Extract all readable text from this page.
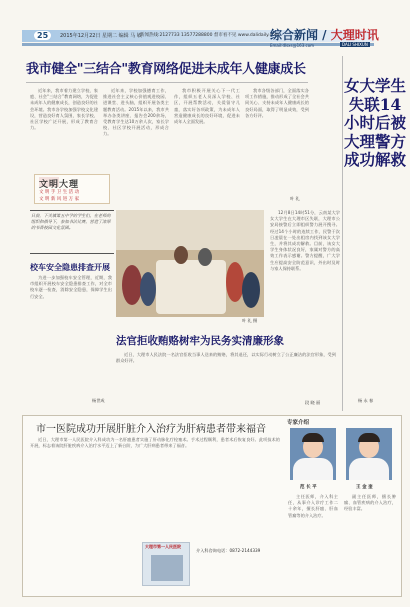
25	2015年12月22日 星期二 编辑 马 敏
新闻热线:2127733 13577288800 督市看不见 www.dalidaily.com
综合新闻 / 大理时讯
Email:dlsxs@163.com	DALI SHIXUN
我市健全"三结合"教育网络促进未成年人健康成长

近年来，我市着力建立学校、家庭、社会“三结合”教育网络，为促进未成年人的健康成长，创造良好的社会环境。我市各学校加强学校文化建设，营造良好育人氛围，家长学校、社区学校广泛开展，形成了教育合力。

近年来，学校加强德育工作，推进社会主义核心价值观进校园、进课堂、进头脑，组织开展各类主题教育活动。2015年以来，我市共举办各类讲座、报告会200余场，受教育学生达10万余人次，家长学校、社区学校开展活动，形成合力。

我市积极开展关心下一代工作，组织五老人员深入学校、社区，开展帮教活动，关爱留守儿童，落实好各项政策，为未成年人营造健康成长的良好环境，促进未成年人全面发展。

我市各级各部门，全面落实各项工作措施，推动形成了全社会共同关心、支持未成年人健康成长的良好局面，取得了明显成效，受到各方好评。

叶 礼
文明大理
文 明 手 卫 生 活 动
文 明 新 风 进 万 家
日前，下关镇第五中学的学生们，在老师的组织和指导下，参加书法比赛，营造了浓厚的书香校园文化氛围。
校车安全隐患排查开展

为进一步加强校车安全管理，近期，我市组织开展校车安全隐患排查工作，对全市校车逐一检查，消除安全隐患，保障学生出行安全。

杨世成
叶 礼 摄
法官拒收贿赂树牢为民务实清廉形象

近日，大理市人民法院一名法官拒收当事人送来的贿赂，将其退还，以实际行动树立了公正廉洁的法官形象，受到群众好评。

段 晓 丽
女大学生失联14小时后被大理警方成功解救

12月8日14时51分，云南某大学女大学生在大理市区失联，大理市公安局接警后立即组织警力展开搜寻。经过14个小时的连续工作，民警于次日凌晨在一处出租房内找到该女大学生，并将其成功解救。目前，该女大学生身体状况良好，家属对警方的高效工作表示感谢。警方提醒，广大学生应提高安全防范意识，外出时及时与家人保持联系。

杨 永 春
市一医院成功开展肝脏介入治疗为肝病患者带来福音

近日，大理市第一人民医院介入科成功为一名肝癌患者实施了肝动脉化疗栓塞术。手术过程顺利，患者术后恢复良好。此项技术的开展，标志着该院肝脏疾病介入治疗水平迈上了新台阶，为广大肝病患者带来了福音。

介入科咨询电话：0872-2144339
大理市第一人民医院
专家介绍
范 长 平	王 金 奎

主任医师，介入科主任，从事介入诊疗工作二十余年，擅长肝癌、肝血管瘤等的介入治疗。

副主任医师，擅长肿瘤、血管疾病的介入治疗，经验丰富。
